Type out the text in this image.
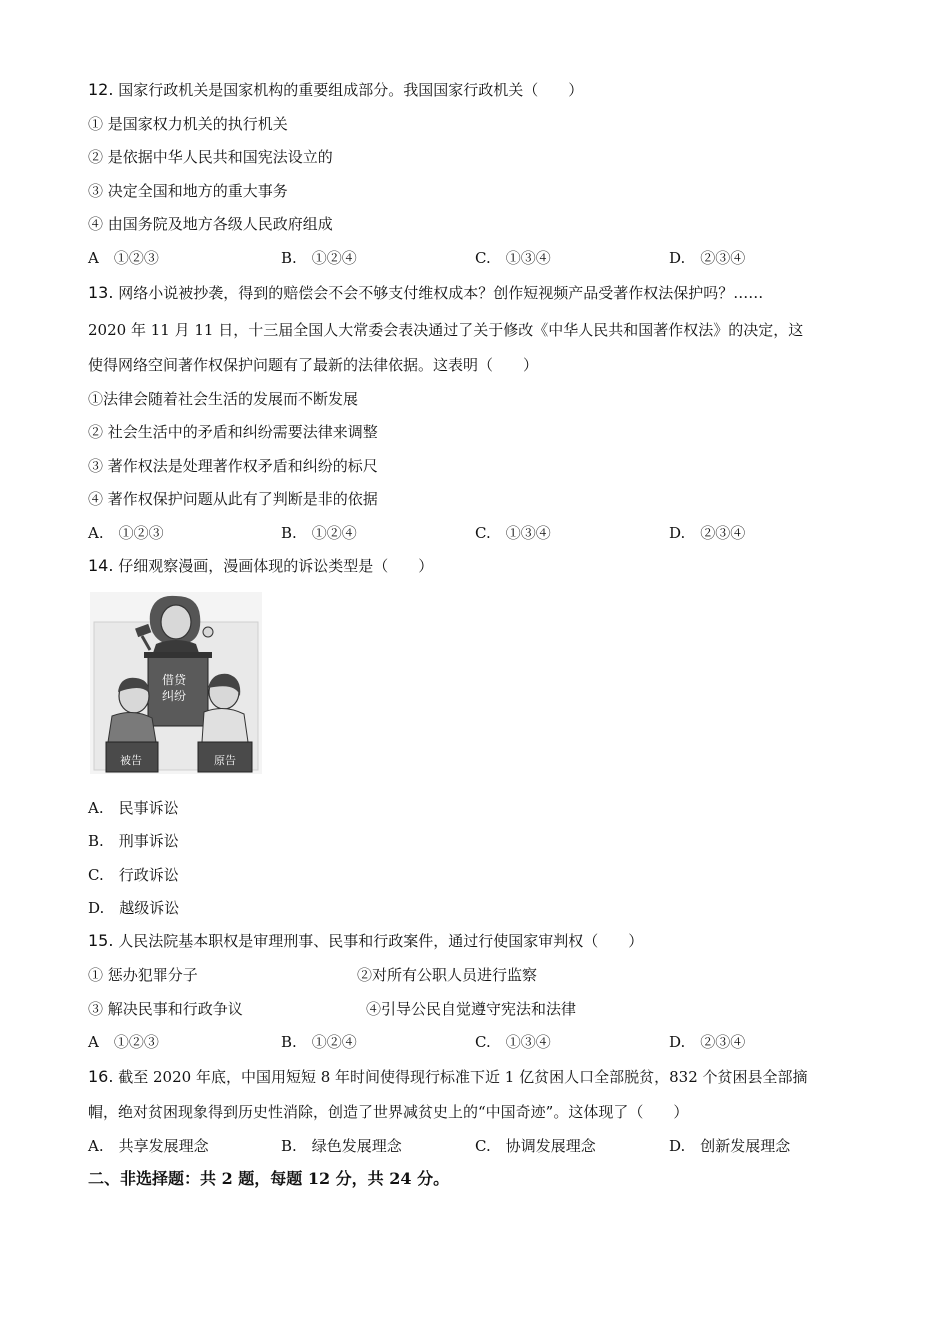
12. 国家行政机关是国家机构的重要组成部分。我国国家行政机关（　　）
① 是国家权力机关的执行机关
② 是依据中华人民共和国宪法设立的
③ 决定全国和地方的重大事务
④ 由国务院及地方各级人民政府组成
A　①②③	B.　①②④	C.　①③④	D.　②③④
13. 网络小说被抄袭，得到的赔偿会不会不够支付维权成本？创作短视频产品受著作权法保护吗？……
2020 年 11 月 11 日，十三届全国人大常委会表决通过了关于修改《中华人民共和国著作权法》的决定，这
使得网络空间著作权保护问题有了最新的法律依据。这表明（　　）
①法律会随着社会生活的发展而不断发展
② 社会生活中的矛盾和纠纷需要法律来调整
③ 著作权法是处理著作权矛盾和纠纷的标尺
④ 著作权保护问题从此有了判断是非的依据
A.　①②③	B.　①②④	C.　①③④	D.　②③④
14. 仔细观察漫画，漫画体现的诉讼类型是（　　）
借贷
纠纷
被告	原告
A.　民事诉讼
B.　刑事诉讼
C.　行政诉讼
D.　越级诉讼
15. 人民法院基本职权是审理刑事、民事和行政案件，通过行使国家审判权（　　）
① 惩办犯罪分子	②对所有公职人员进行监察
③ 解决民事和行政争议	④引导公民自觉遵守宪法和法律
A　①②③	B.　①②④	C.　①③④	D.　②③④
16. 截至 2020 年底，中国用短短 8 年时间使得现行标准下近 1 亿贫困人口全部脱贫，832 个贫困县全部摘
帽，绝对贫困现象得到历史性消除，创造了世界减贫史上的“中国奇迹”。这体现了（　　）
A.　共享发展理念	B.　绿色发展理念	C.　协调发展理念	D.　创新发展理念
二、非选择题：共 2 题，每题 12 分，共 24 分。
